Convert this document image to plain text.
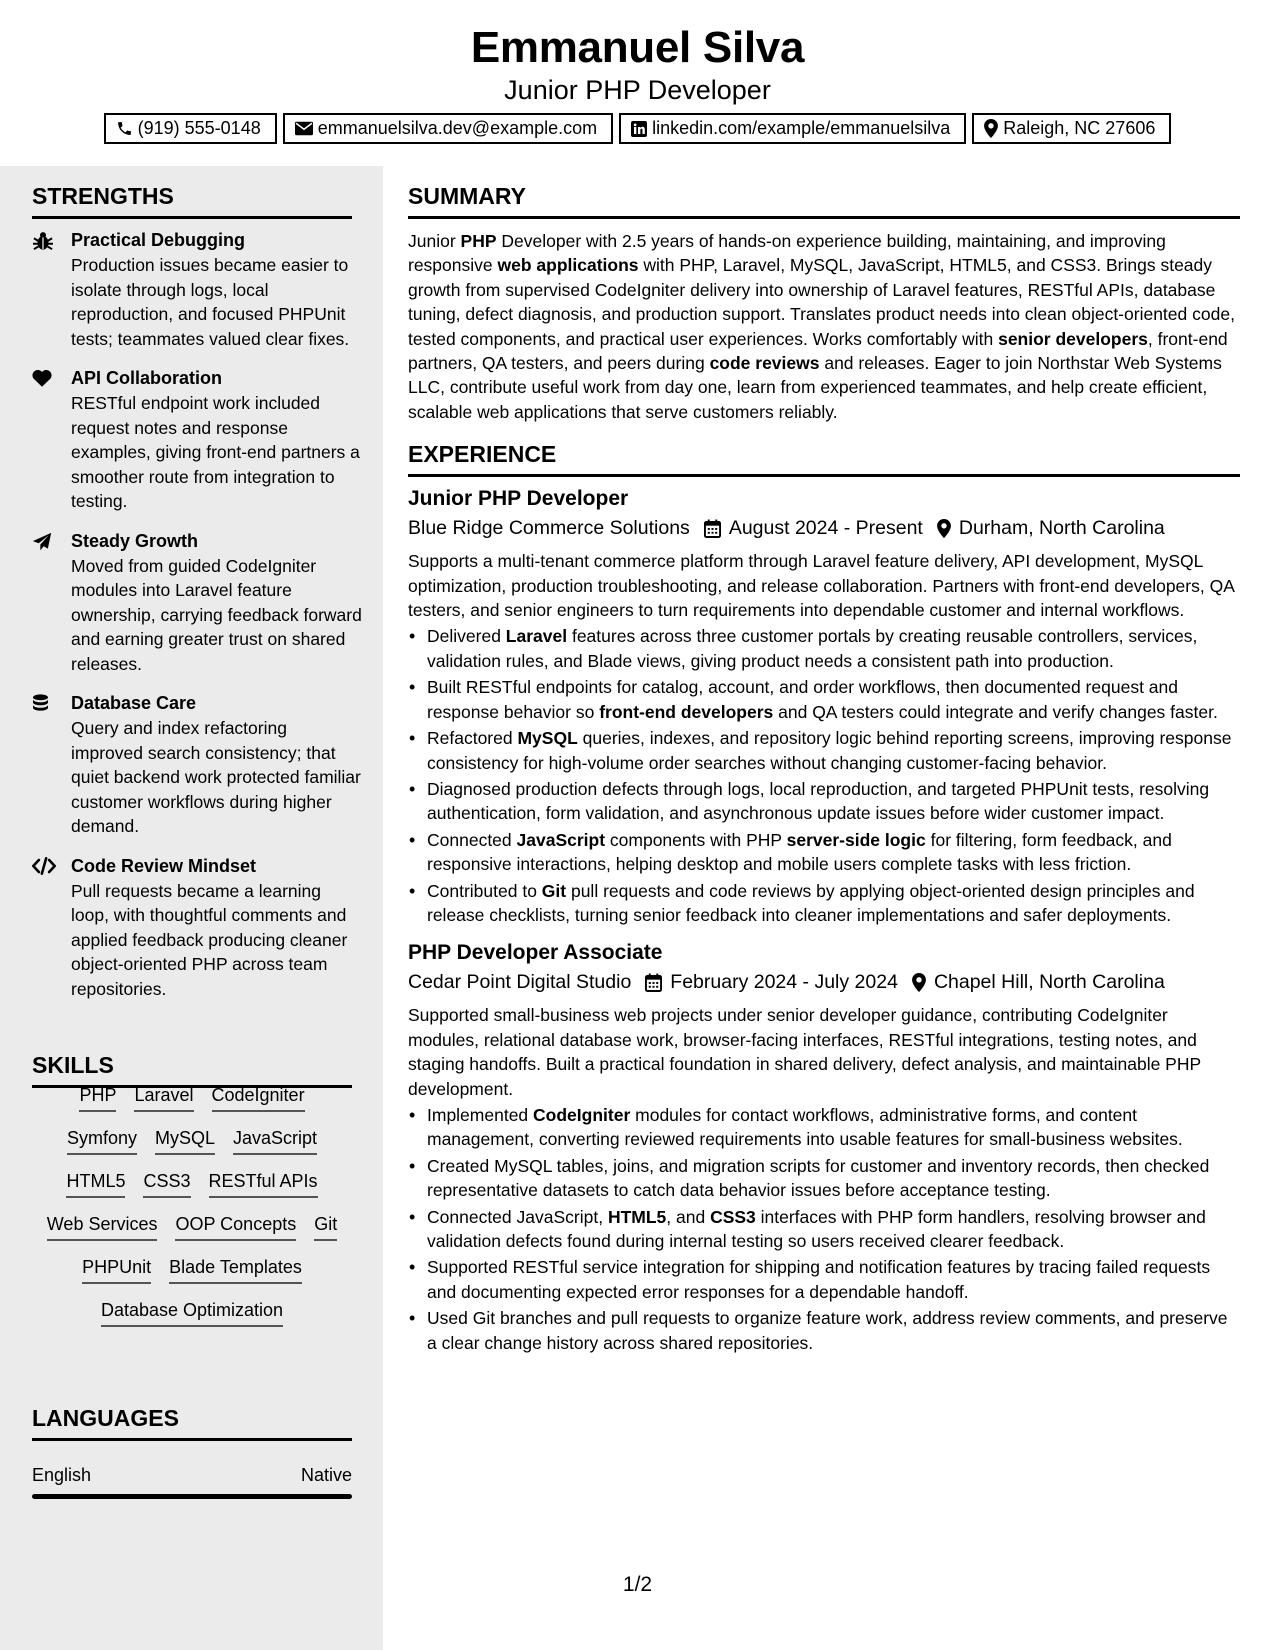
Emmanuel Silva
Junior PHP Developer
(919) 555-0148	emmanuelsilva.dev@example.com	linkedin.com/example/emmanuelsilva	Raleigh, NC 27606
STRENGTHS
Practical Debugging
Production issues became easier to isolate through logs, local reproduction, and focused PHPUnit tests; teammates valued clear fixes.
API Collaboration
RESTful endpoint work included request notes and response examples, giving front-end partners a smoother route from integration to testing.
Steady Growth
Moved from guided CodeIgniter modules into Laravel feature ownership, carrying feedback forward and earning greater trust on shared releases.
Database Care
Query and index refactoring improved search consistency; that quiet backend work protected familiar customer workflows during higher demand.
Code Review Mindset
Pull requests became a learning loop, with thoughtful comments and applied feedback producing cleaner object-oriented PHP across team repositories.
SKILLS
PHP Laravel CodeIgniter
Symfony MySQL JavaScript
HTML5 CSS3 RESTful APIs
Web Services OOP Concepts Git
PHPUnit Blade Templates
Database Optimization
LANGUAGES
English	Native
SUMMARY

Junior PHP Developer with 2.5 years of hands-on experience building, maintaining, and improving responsive web applications with PHP, Laravel, MySQL, JavaScript, HTML5, and CSS3. Brings steady growth from supervised CodeIgniter delivery into ownership of Laravel features, RESTful APIs, database tuning, defect diagnosis, and production support. Translates product needs into clean object-oriented code, tested components, and practical user experiences. Works comfortably with senior developers, front-end partners, QA testers, and peers during code reviews and releases. Eager to join Northstar Web Systems LLC, contribute useful work from day one, learn from experienced teammates, and help create efficient, scalable web applications that serve customers reliably.

EXPERIENCE
Junior PHP Developer
Blue Ridge Commerce Solutions August 2024 - Present Durham, North Carolina

Supports a multi-tenant commerce platform through Laravel feature delivery, API development, MySQL optimization, production troubleshooting, and release collaboration. Partners with front-end developers, QA testers, and senior engineers to turn requirements into dependable customer and internal workflows.

• Delivered Laravel features across three customer portals by creating reusable controllers, services, validation rules, and Blade views, giving product needs a consistent path into production.
• Built RESTful endpoints for catalog, account, and order workflows, then documented request and response behavior so front-end developers and QA testers could integrate and verify changes faster.
• Refactored MySQL queries, indexes, and repository logic behind reporting screens, improving response consistency for high-volume order searches without changing customer-facing behavior.
• Diagnosed production defects through logs, local reproduction, and targeted PHPUnit tests, resolving authentication, form validation, and asynchronous update issues before wider customer impact.
• Connected JavaScript components with PHP server-side logic for filtering, form feedback, and responsive interactions, helping desktop and mobile users complete tasks with less friction.
• Contributed to Git pull requests and code reviews by applying object-oriented design principles and release checklists, turning senior feedback into cleaner implementations and safer deployments.
PHP Developer Associate
Cedar Point Digital Studio February 2024 - July 2024 Chapel Hill, North Carolina

Supported small-business web projects under senior developer guidance, contributing CodeIgniter modules, relational database work, browser-facing interfaces, RESTful integrations, testing notes, and staging handoffs. Built a practical foundation in shared delivery, defect analysis, and maintainable PHP development.

• Implemented CodeIgniter modules for contact workflows, administrative forms, and content management, converting reviewed requirements into usable features for small-business websites.
• Created MySQL tables, joins, and migration scripts for customer and inventory records, then checked representative datasets to catch data behavior issues before acceptance testing.
• Connected JavaScript, HTML5, and CSS3 interfaces with PHP form handlers, resolving browser and validation defects found during internal testing so users received clearer feedback.
• Supported RESTful service integration for shipping and notification features by tracing failed requests and documenting expected error responses for a dependable handoff.
• Used Git branches and pull requests to organize feature work, address review comments, and preserve a clear change history across shared repositories.
1/2
